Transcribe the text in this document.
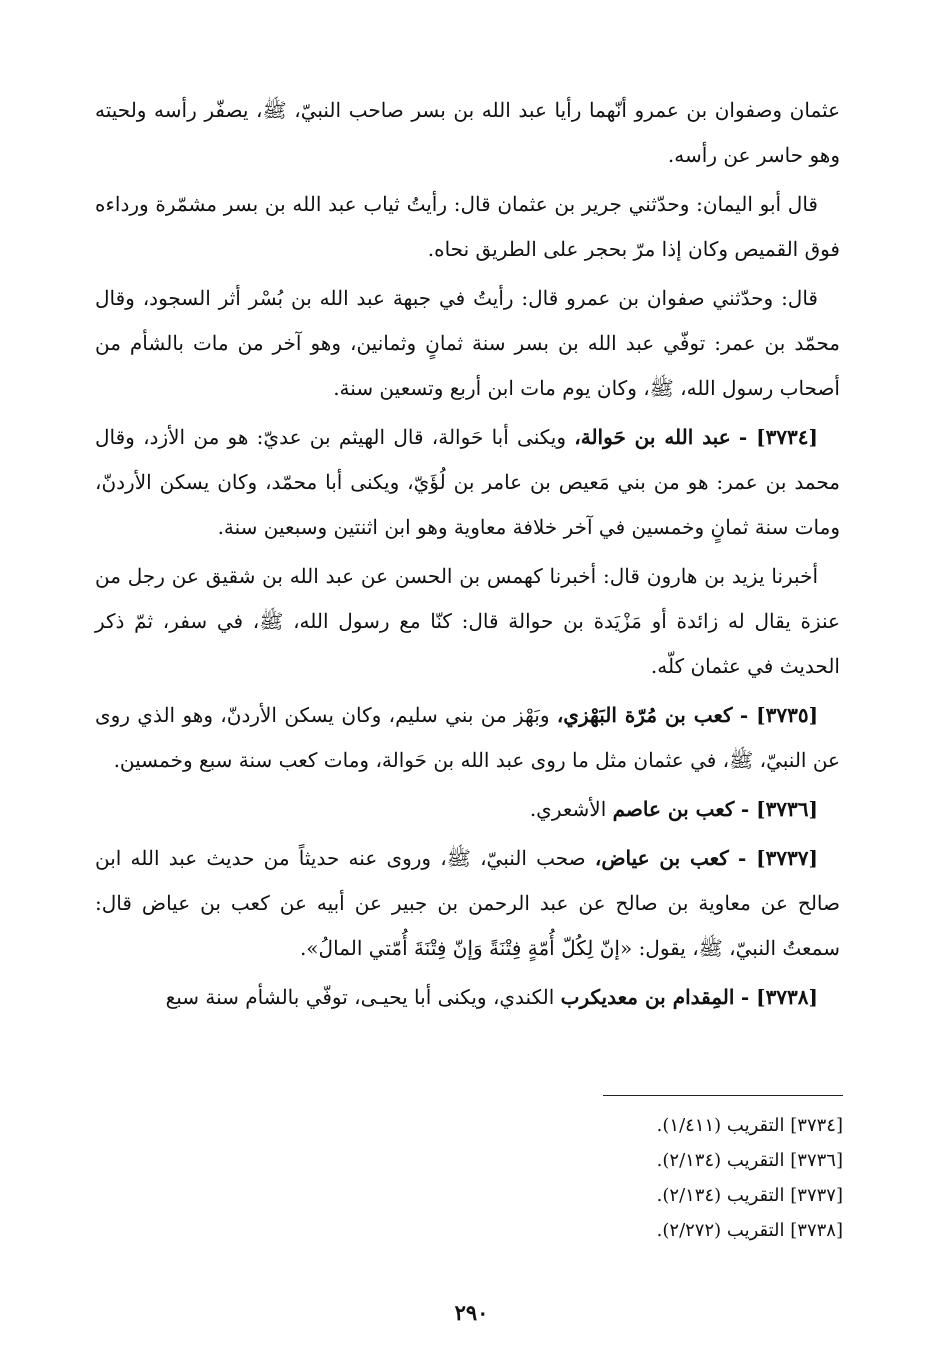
عثمان وصفوان بن عمرو أنّهما رأيا عبد الله بن بسر صاحب النبيّ، ﷺ، يصفّر رأسه ولحيته وهو حاسر عن رأسه.

قال أبو اليمان: وحدّثني جرير بن عثمان قال: رأيتُ ثياب عبد الله بن بسر مشمّرة ورداءه فوق القميص وكان إذا مرّ بحجر على الطريق نحاه.

قال: وحدّثني صفوان بن عمرو قال: رأيتُ في جبهة عبد الله بن بُسْر أثر السجود، وقال محمّد بن عمر: توفّي عبد الله بن بسر سنة ثمانٍ وثمانين، وهو آخر من مات بالشأم من أصحاب رسول الله، ﷺ، وكان يوم مات ابن أربع وتسعين سنة.

[٣٧٣٤] - عبد الله بن حَوالة، ويكنى أبا حَوالة، قال الهيثم بن عديّ: هو من الأزد، وقال محمد بن عمر: هو من بني مَعيص بن عامر بن لُؤَيّ، ويكنى أبا محمّد، وكان يسكن الأردنّ، ومات سنة ثمانٍ وخمسين في آخر خلافة معاوية وهو ابن اثنتين وسبعين سنة.

أخبرنا يزيد بن هارون قال: أخبرنا كهمس بن الحسن عن عبد الله بن شقيق عن رجل من عنزة يقال له زائدة أو مَزْيَدة بن حوالة قال: كنّا مع رسول الله، ﷺ، في سفر، ثمّ ذكر الحديث في عثمان كلّه.

[٣٧٣٥] - كعب بن مُرّة البَهْزي، وبَهْز من بني سليم، وكان يسكن الأردنّ، وهو الذي روى عن النبيّ، ﷺ، في عثمان مثل ما روى عبد الله بن حَوالة، ومات كعب سنة سبع وخمسين.

[٣٧٣٦] - كعب بن عاصم الأشعري.

[٣٧٣٧] - كعب بن عياض، صحب النبيّ، ﷺ، وروى عنه حديثاً من حديث عبد الله ابن صالح عن معاوية بن صالح عن عبد الرحمن بن جبير عن أبيه عن كعب بن عياض قال: سمعتُ النبيّ، ﷺ، يقول: «إنّ لِكُلّ أُمّةٍ فِتْنَةً وَإنّ فِتْنَةَ أُمّتي المالُ».

[٣٧٣٨] - المِقدام بن معديكرب الكندي، ويكنى أبا يحيـى، توفّي بالشأم سنة سبع

[٣٧٣٤] التقريب (١/٤١١).
[٣٧٣٦] التقريب (٢/١٣٤).
[٣٧٣٧] التقريب (٢/١٣٤).
[٣٧٣٨] التقريب (٢/٢٧٢).
٢٩٠
